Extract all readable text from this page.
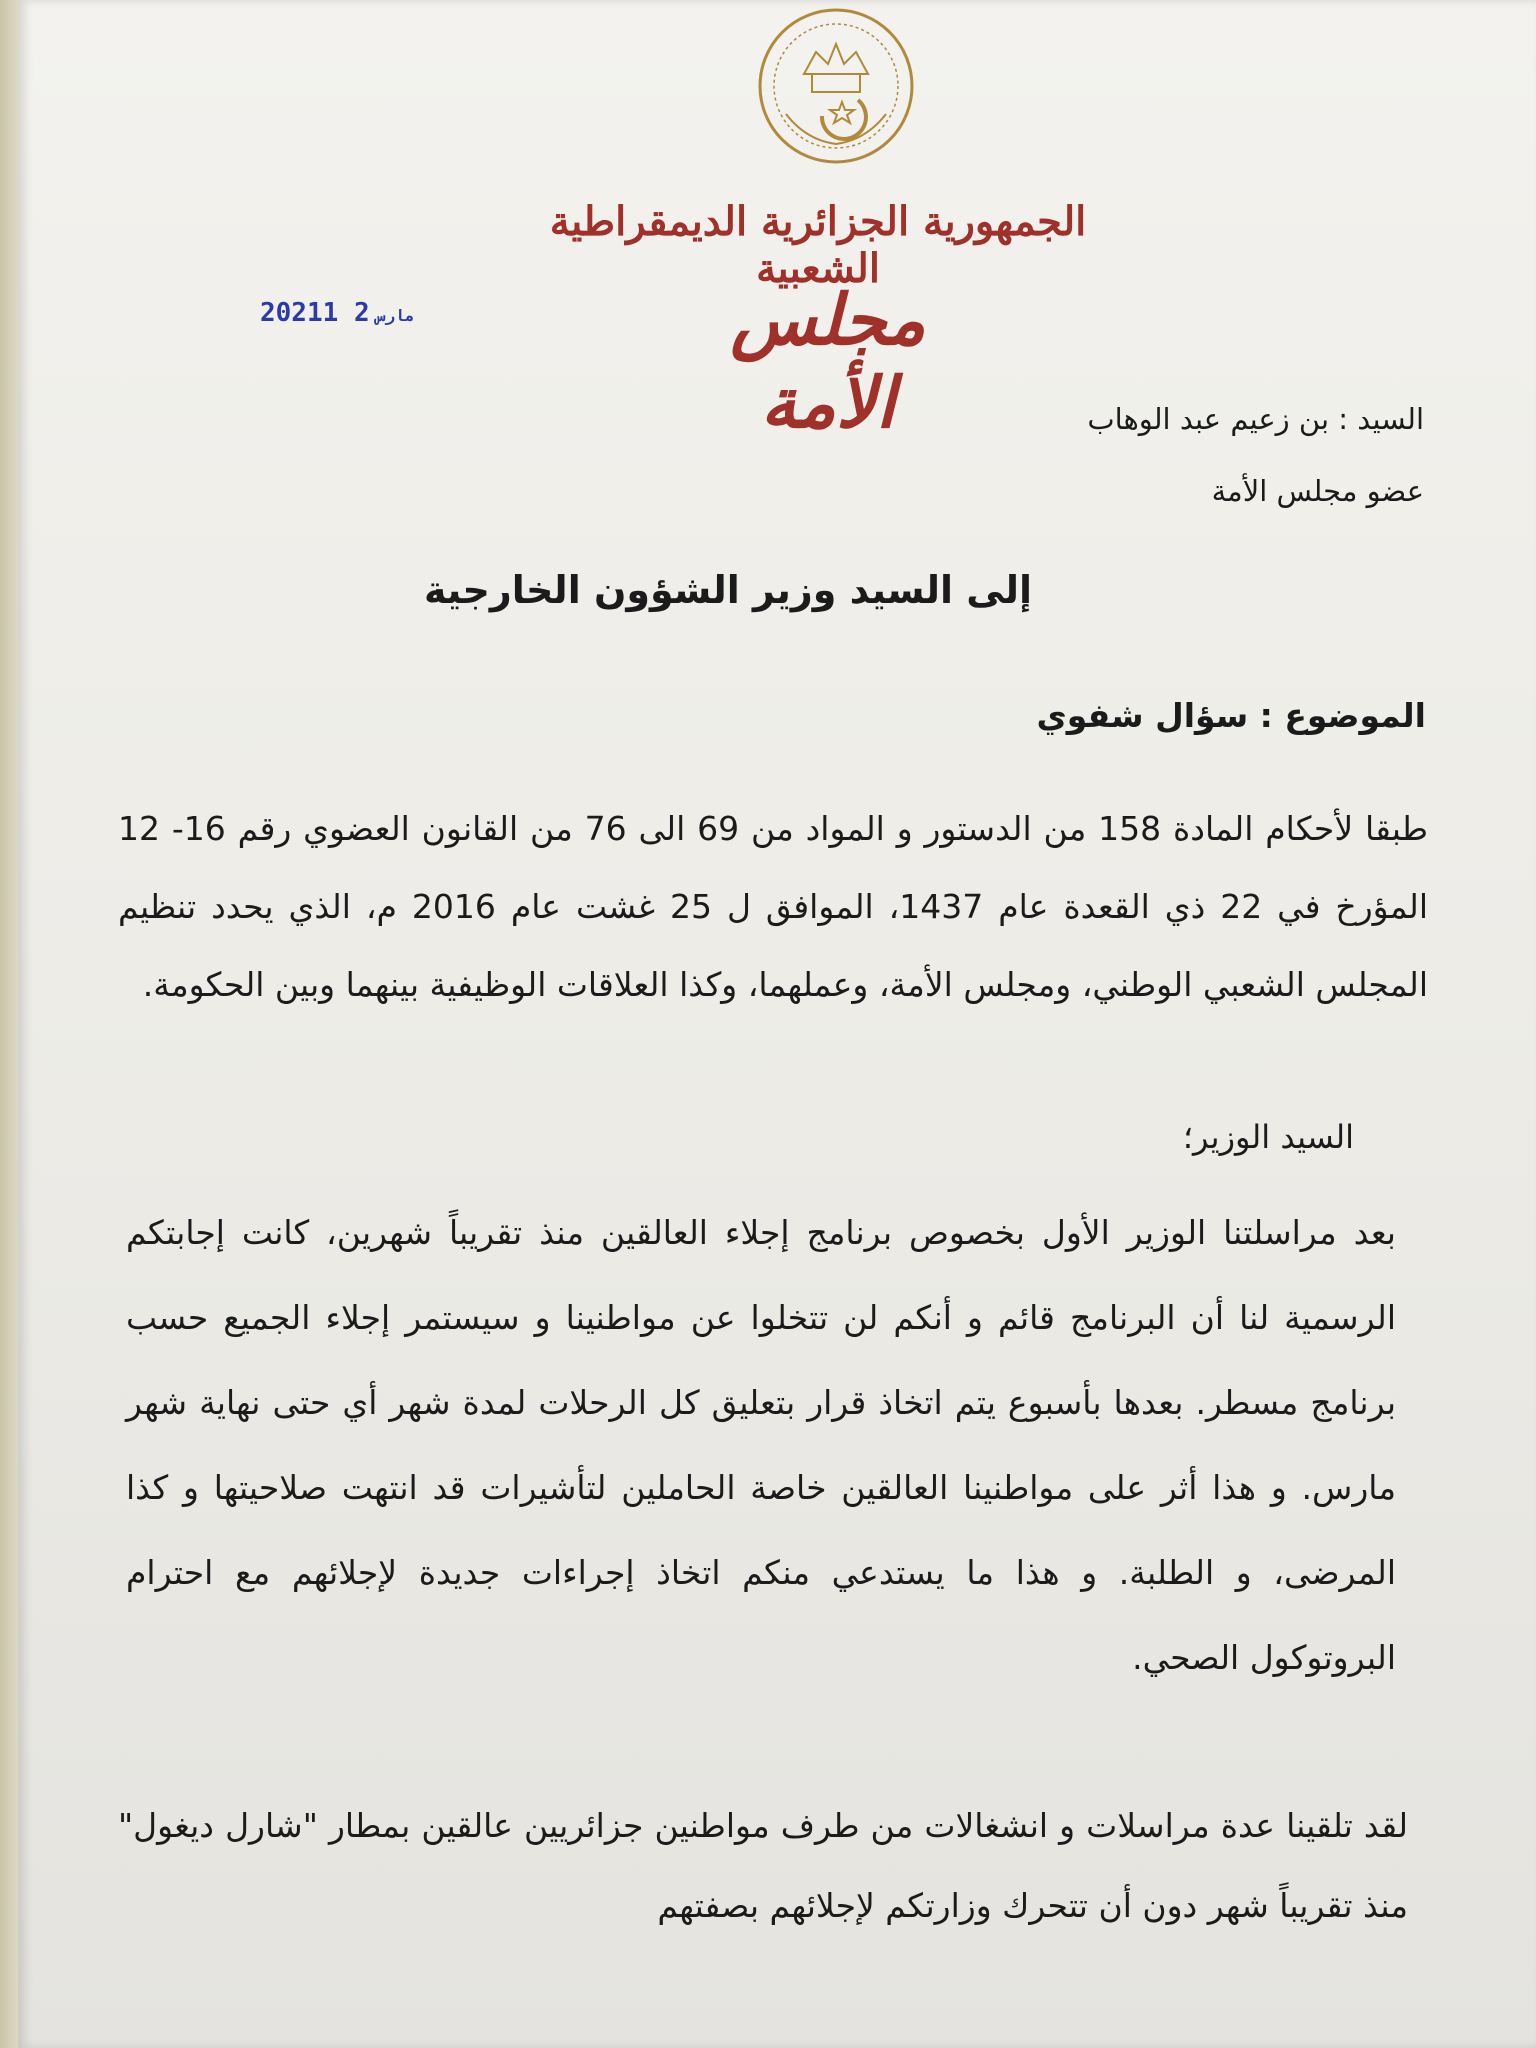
الجمهورية الجزائرية الديمقراطية الشعبية
مجلس الأمة
2021	مارس2 1
السيد : بن زعيم عبد الوهاب
عضو مجلس الأمة
إلى السيد وزير الشؤون الخارجية
الموضوع : سؤال شفوي
طبقا لأحكام المادة 158 من الدستور و المواد من 69 الى 76 من القانون العضوي رقم 16- 12 المؤرخ في 22 ذي القعدة عام 1437، الموافق ل 25 غشت عام 2016 م، الذي يحدد تنظيم المجلس الشعبي الوطني، ومجلس الأمة، وعملهما، وكذا العلاقات الوظيفية بينهما وبين الحكومة.
السيد الوزير؛
بعد مراسلتنا الوزير الأول بخصوص برنامج إجلاء العالقين منذ تقريباً شهرين، كانت إجابتكم الرسمية لنا أن البرنامج قائم و أنكم لن تتخلوا عن مواطنينا و سيستمر إجلاء الجميع حسب برنامج مسطر. بعدها بأسبوع يتم اتخاذ قرار بتعليق كل الرحلات لمدة شهر أي حتى نهاية شهر مارس. و هذا أثر على مواطنينا العالقين خاصة الحاملين لتأشيرات قد انتهت صلاحيتها و كذا المرضى، و الطلبة. و هذا ما يستدعي منكم اتخاذ إجراءات جديدة لإجلائهم مع احترام البروتوكول الصحي.
لقد تلقينا عدة مراسلات و انشغالات من طرف مواطنين جزائريين عالقين بمطار "شارل ديغول" منذ تقريباً شهر دون أن تتحرك وزارتكم لإجلائهم بصفتهم
